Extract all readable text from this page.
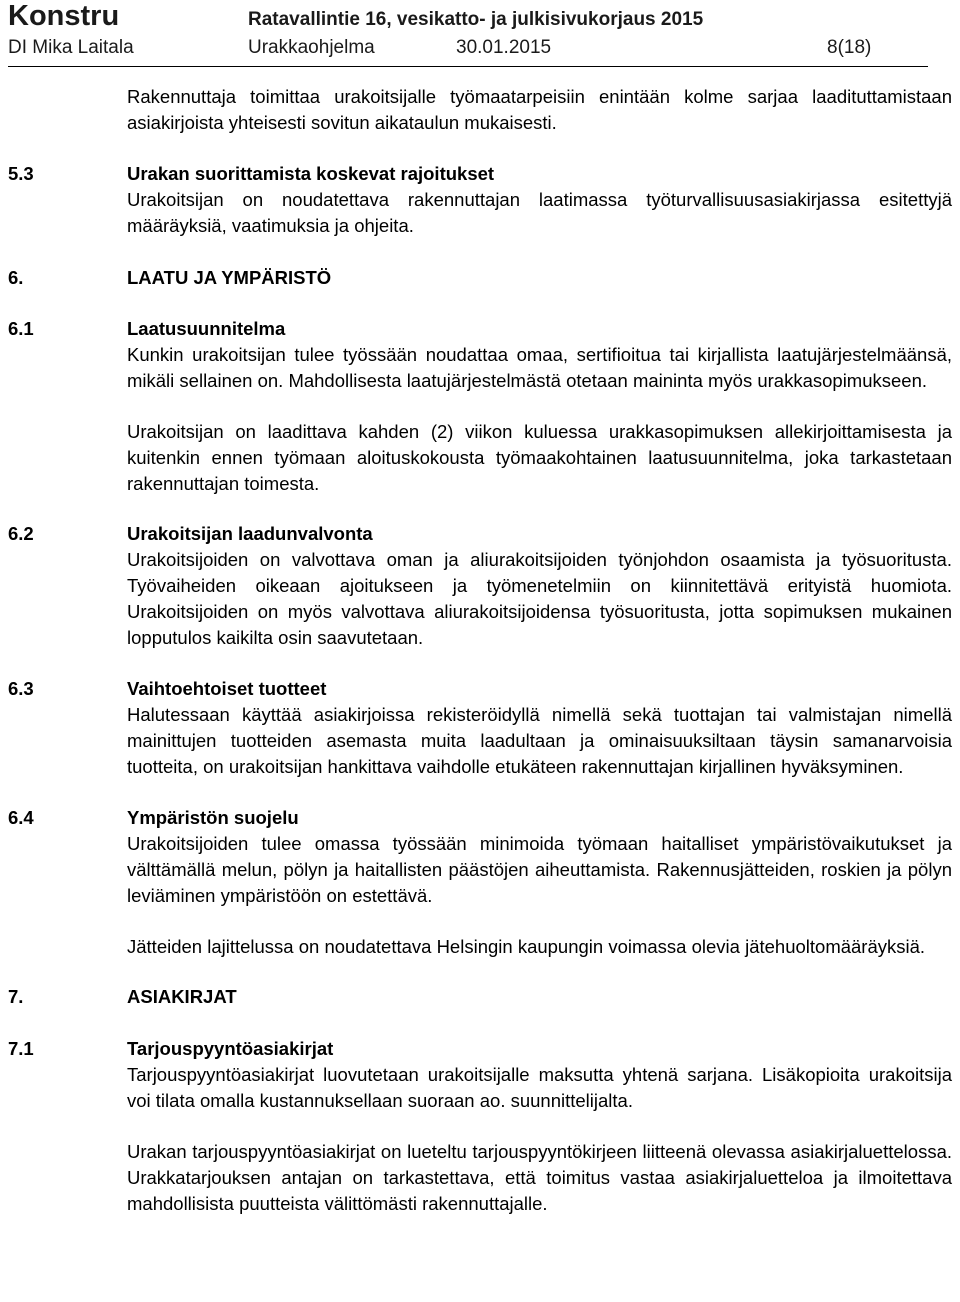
Konstru	Ratavallintie 16, vesikatto- ja julkisivukorjaus 2015
DI Mika Laitala	Urakkaohjelma	30.01.2015	8(18)

Rakennuttaja toimittaa urakoitsijalle työmaatarpeisiin enintään kolme sarjaa laadituttamistaan asiakirjoista yhteisesti sovitun aikataulun mukaisesti.

5.3	Urakan suorittamista koskevat rajoitukset

Urakoitsijan on noudatettava rakennuttajan laatimassa työturvallisuusasiakirjassa esitettyjä määräyksiä, vaatimuksia ja ohjeita.

6.	LAATU JA YMPÄRISTÖ
6.1	Laatusuunnitelma

Kunkin urakoitsijan tulee työssään noudattaa omaa, sertifioitua tai kirjallista laatujärjestelmäänsä, mikäli sellainen on. Mahdollisesta laatujärjestelmästä otetaan maininta myös urakkasopimukseen.

Urakoitsijan on laadittava kahden (2) viikon kuluessa urakkasopimuksen allekirjoittamisesta ja kuitenkin ennen työmaan aloituskokousta työmaakohtainen laatusuunnitelma, joka tarkastetaan rakennuttajan toimesta.

6.2	Urakoitsijan laadunvalvonta

Urakoitsijoiden on valvottava oman ja aliurakoitsijoiden työnjohdon osaamista ja työsuoritusta. Työvaiheiden oikeaan ajoitukseen ja työmenetelmiin on kiinnitettävä erityistä huomiota. Urakoitsijoiden on myös valvottava aliurakoitsijoidensa työsuoritusta, jotta sopimuksen mukainen lopputulos kaikilta osin saavutetaan.

6.3	Vaihtoehtoiset tuotteet

Halutessaan käyttää asiakirjoissa rekisteröidyllä nimellä sekä tuottajan tai valmistajan nimellä mainittujen tuotteiden asemasta muita laadultaan ja ominaisuuksiltaan täysin samanarvoisia tuotteita, on urakoitsijan hankittava vaihdolle etukäteen rakennuttajan kirjallinen hyväksyminen.

6.4	Ympäristön suojelu

Urakoitsijoiden tulee omassa työssään minimoida työmaan haitalliset ympäristövaikutukset ja välttämällä melun, pölyn ja haitallisten päästöjen aiheuttamista. Rakennusjätteiden, roskien ja pölyn leviäminen ympäristöön on estettävä.

Jätteiden lajittelussa on noudatettava Helsingin kaupungin voimassa olevia jätehuoltomääräyksiä.

7.	ASIAKIRJAT
7.1	Tarjouspyyntöasiakirjat

Tarjouspyyntöasiakirjat luovutetaan urakoitsijalle maksutta yhtenä sarjana. Lisäkopioita urakoitsija voi tilata omalla kustannuksellaan suoraan ao. suunnittelijalta.

Urakan tarjouspyyntöasiakirjat on lueteltu tarjouspyyntökirjeen liitteenä olevassa asiakirjaluettelossa. Urakkatarjouksen antajan on tarkastettava, että toimitus vastaa asiakirjaluetteloa ja ilmoitettava mahdollisista puutteista välittömästi rakennuttajalle.
